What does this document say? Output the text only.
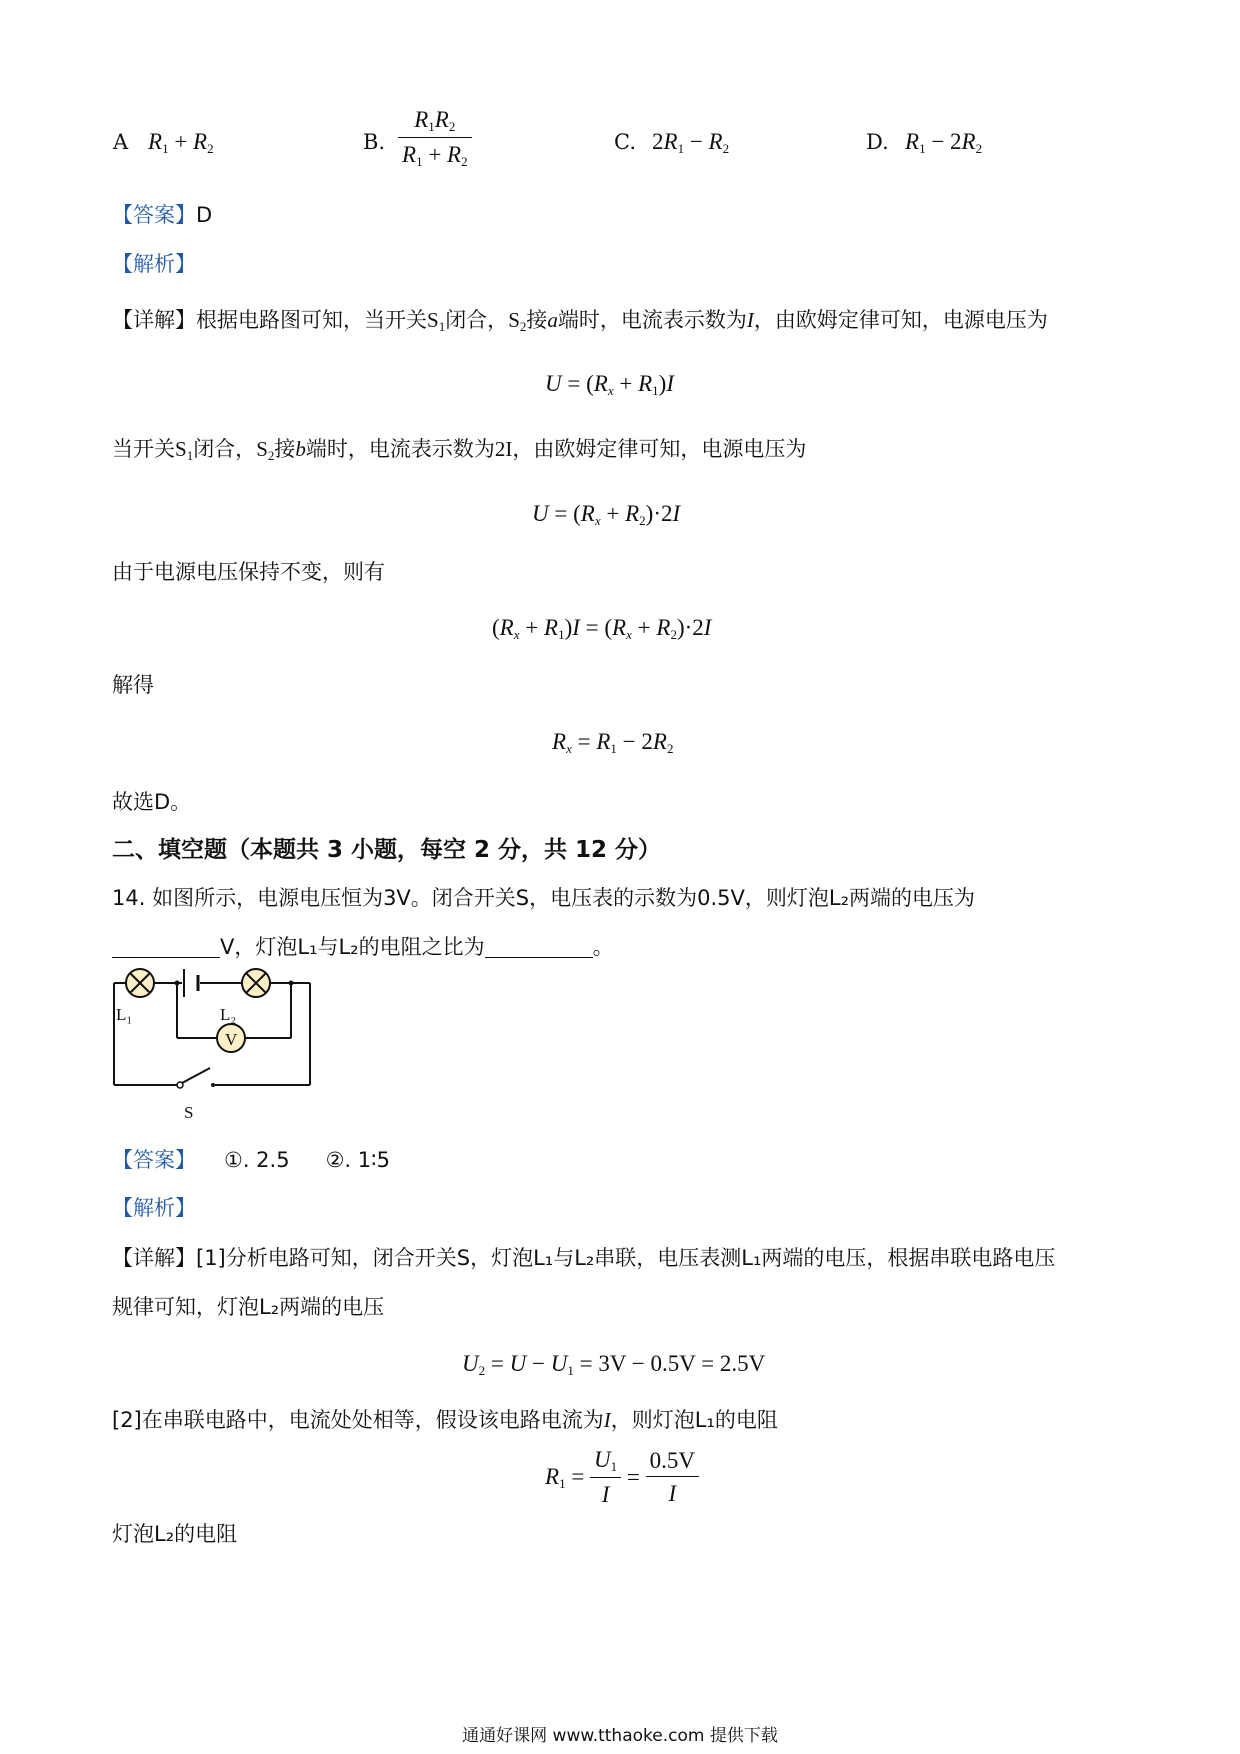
A $R_1 + R_2$	B. $\frac{R_1R_2}{R_1 + R_2}$	C. $2R_1 - R_2$	D. $R_1 - 2R_2$
【答案】D
【解析】
【详解】根据电路图可知，当开关$S_1$闭合，$S_2$接a端时，电流表示数为I，由欧姆定律可知，电源电压为
$U = (R_x + R_1)I$
当开关$S_1$闭合，$S_2$接b端时，电流表示数为2I，由欧姆定律可知，电源电压为
$U = (R_x + R_2)\cdot 2I$
由于电源电压保持不变，则有
$(R_x + R_1)I = (R_x + R_2)\cdot 2I$
解得
$R_x = R_1 - 2R_2$
故选D。
二、填空题（本题共 3 小题，每空 2 分，共 12 分）
14. 如图所示，电源电压恒为3V。闭合开关S，电压表的示数为0.5V，则灯泡L₂两端的电压为
V，灯泡L₁与L₂的电阻之比为	。
L₁	L₂
V
S
【答案】 ①. 2.5 ②. 1∶5
【解析】
【详解】[1]分析电路可知，闭合开关S，灯泡L₁与L₂串联，电压表测L₁两端的电压，根据串联电路电压
规律可知，灯泡L₂两端的电压
$U_2 = U - U_1 = 3V - 0.5V = 2.5V$
[2]在串联电路中，电流处处相等，假设该电路电流为I，则灯泡L₁的电阻
$R_1 = \frac{U_1}{I} = \frac{0.5V}{I}$
灯泡L₂的电阻
通通好课网 www.tthaoke.com 提供下载
